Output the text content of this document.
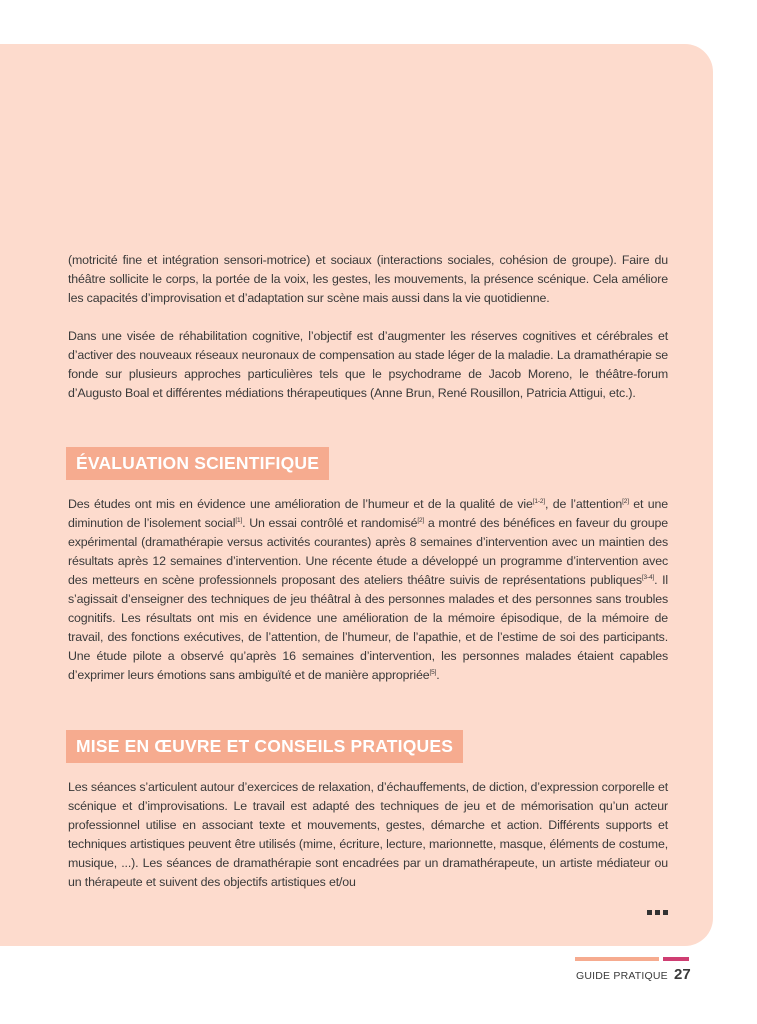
(motricité fine et intégration sensori-motrice) et sociaux (interactions sociales, cohésion de groupe). Faire du théâtre sollicite le corps, la portée de la voix, les gestes, les mouvements, la présence scénique. Cela améliore les capacités d’improvisation et d’adaptation sur scène mais aussi dans la vie quotidienne.

Dans une visée de réhabilitation cognitive, l’objectif est d’augmenter les réserves cognitives et cérébrales et d’activer des nouveaux réseaux neuronaux de compensation au stade léger de la maladie. La dramathérapie se fonde sur plusieurs approches particulières tels que le psychodrame de Jacob Moreno, le théâtre-forum d’Augusto Boal et différentes médiations thérapeutiques (Anne Brun, René Rousillon, Patricia Attigui, etc.).

ÉVALUATION SCIENTIFIQUE

Des études ont mis en évidence une amélioration de l’humeur et de la qualité de vie[1-2], de l’attention[2] et une diminution de l’isolement social[1]. Un essai contrôlé et randomisé[2] a montré des bénéfices en faveur du groupe expérimental (dramathérapie versus activités courantes) après 8 semaines d’intervention avec un maintien des résultats après 12 semaines d’intervention. Une récente étude a développé un programme d’intervention avec des metteurs en scène professionnels proposant des ateliers théâtre suivis de représentations publiques[3-4]. Il s’agissait d’enseigner des techniques de jeu théâtral à des personnes malades et des personnes sans troubles cognitifs. Les résultats ont mis en évidence une amélioration de la mémoire épisodique, de la mémoire de travail, des fonctions exécutives, de l’attention, de l’humeur, de l’apathie, et de l’estime de soi des participants. Une étude pilote a observé qu’après 16 semaines d’intervention, les personnes malades étaient capables d’exprimer leurs émotions sans ambiguïté et de manière appropriée[5].

MISE EN ŒUVRE ET CONSEILS PRATIQUES

Les séances s’articulent autour d’exercices de relaxation, d’échauffements, de diction, d’expression corporelle et scénique et d’improvisations. Le travail est adapté des techniques de jeu et de mémorisation qu’un acteur professionnel utilise en associant texte et mouvements, gestes, démarche et action. Différents supports et techniques artistiques peuvent être utilisés (mime, écriture, lecture, marionnette, masque, éléments de costume, musique, ...). Les séances de dramathérapie sont encadrées par un dramathérapeute, un artiste médiateur ou un thérapeute et suivent des objectifs artistiques et/ou

GUIDE PRATIQUE 27
